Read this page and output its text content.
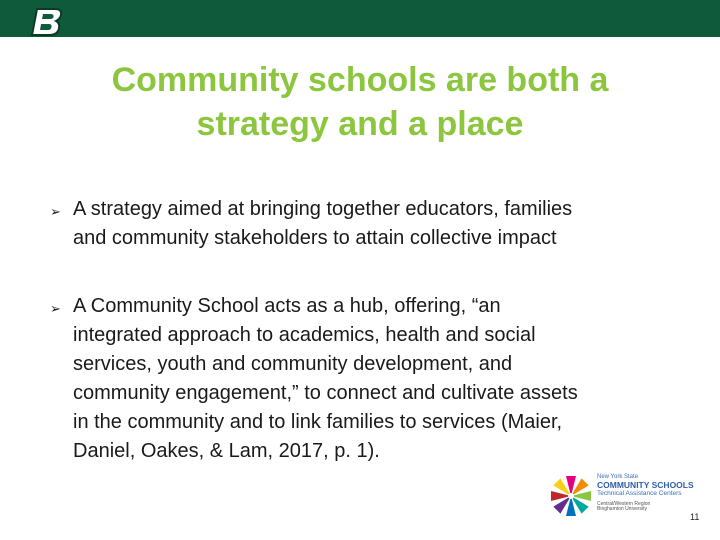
Community schools are both a
strategy and a place
➢ A strategy aimed at bringing together educators, families
and community stakeholders to attain collective impact
➢ A Community School acts as a hub, offering, “an
integrated approach to academics, health and social
services, youth and community development, and
community engagement,” to connect and cultivate assets
in the community and to link families to services (Maier,
Daniel, Oakes, & Lam, 2017, p. 1).
New York State
COMMUNITY SCHOOLS
Technical Assistance Centers
Central/Western Region
Binghamton University
11
